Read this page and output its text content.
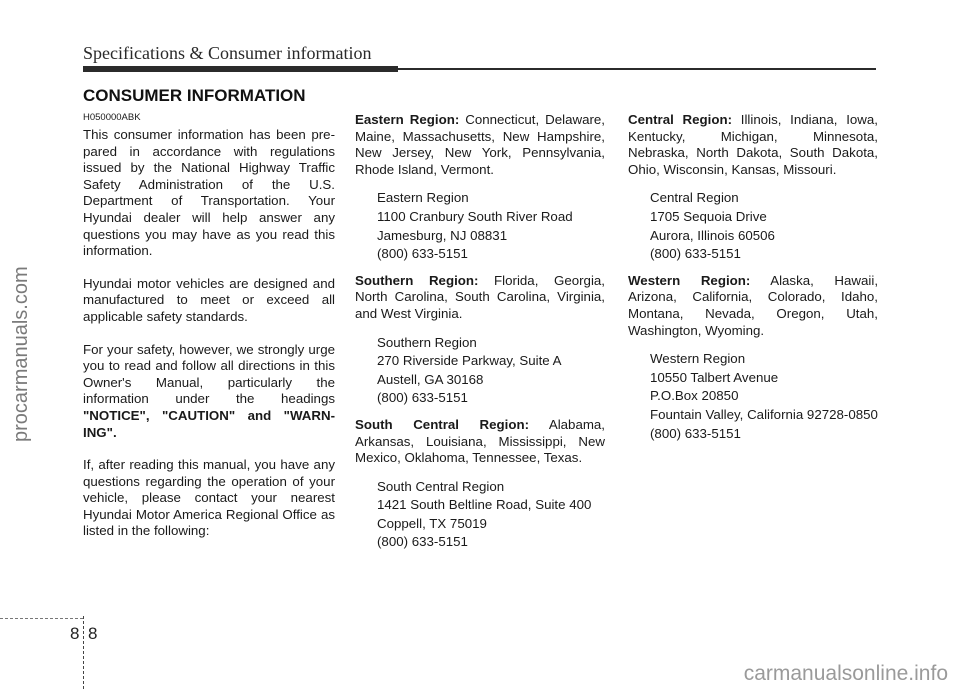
Specifications & Consumer information
CONSUMER INFORMATION
procarmanuals.com
H050000ABK

This consumer information has been pre-pared in accordance with regulations issued by the National Highway Traffic Safety Administration of the U.S. Department of Transportation. Your Hyundai dealer will help answer any questions you may have as you read this information.

Hyundai motor vehicles are designed and manufactured to meet or exceed all applicable safety standards.

For your safety, however, we strongly urge you to read and follow all directions in this Owner's Manual, particularly the information under the headings "NOTICE", "CAUTION" and "WARN-ING".

If, after reading this manual, you have any questions regarding the operation of your vehicle, please contact your nearest Hyundai Motor America Regional Office as listed in the following:

Eastern Region: Connecticut, Delaware, Maine, Massachusetts, New Hampshire, New Jersey, New York, Pennsylvania, Rhode Island, Vermont.

Eastern Region
1100 Cranbury South River Road
Jamesburg, NJ 08831
(800) 633-5151

Southern Region: Florida, Georgia, North Carolina, South Carolina, Virginia, and West Virginia.

Southern Region
270 Riverside Parkway, Suite A
Austell, GA 30168
(800) 633-5151

South Central Region: Alabama, Arkansas, Louisiana, Mississippi, New Mexico, Oklahoma, Tennessee, Texas.

South Central Region
1421 South Beltline Road, Suite 400
Coppell, TX 75019
(800) 633-5151

Central Region: Illinois, Indiana, Iowa, Kentucky, Michigan, Minnesota, Nebraska, North Dakota, South Dakota, Ohio, Wisconsin, Kansas, Missouri.

Central Region
1705 Sequoia Drive
Aurora, Illinois 60506
(800) 633-5151

Western Region: Alaska, Hawaii, Arizona, California, Colorado, Idaho, Montana, Nevada, Oregon, Utah, Washington, Wyoming.

Western Region
10550 Talbert Avenue
P.O.Box 20850
Fountain Valley, California 92728-0850
(800) 633-5151
8 8
carmanualsonline.info
